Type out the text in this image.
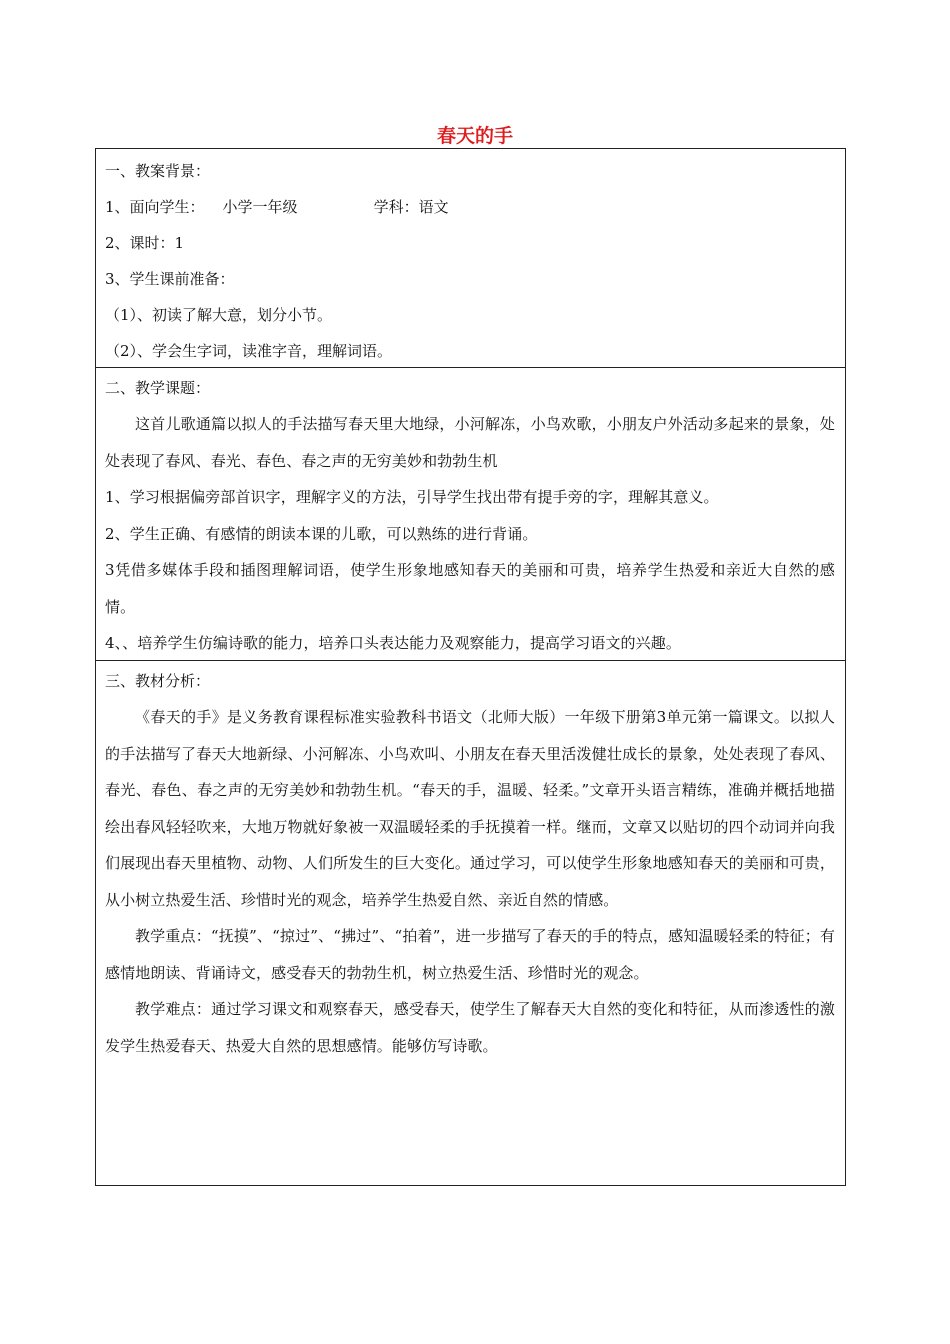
春天的手
一、教案背景：
1、面向学生： 小学一年级	学科：语文
2、课时：1
3、学生课前准备：
（1）、初读了解大意，划分小节。
（2）、学会生字词，读准字音，理解词语。
二、教学课题：
这首儿歌通篇以拟人的手法描写春天里大地绿，小河解冻，小鸟欢歌，小朋友户外活动多起来的景象，处处表现了春风、春光、春色、春之声的无穷美妙和勃勃生机
1、学习根据偏旁部首识字，理解字义的方法，引导学生找出带有提手旁的字，理解其意义。
2、学生正确、有感情的朗读本课的儿歌，可以熟练的进行背诵。
3凭借多媒体手段和插图理解词语，使学生形象地感知春天的美丽和可贵，培养学生热爱和亲近大自然的感情。
4、、培养学生仿编诗歌的能力，培养口头表达能力及观察能力，提高学习语文的兴趣。
三、教材分析：
《春天的手》是义务教育课程标准实验教科书语文（北师大版）一年级下册第3单元第一篇课文。以拟人的手法描写了春天大地新绿、小河解冻、小鸟欢叫、小朋友在春天里活泼健壮成长的景象，处处表现了春风、春光、春色、春之声的无穷美妙和勃勃生机。“春天的手，温暖、轻柔。”文章开头语言精练，准确并概括地描绘出春风轻轻吹来，大地万物就好象被一双温暖轻柔的手抚摸着一样。继而，文章又以贴切的四个动词并向我们展现出春天里植物、动物、人们所发生的巨大变化。通过学习，可以使学生形象地感知春天的美丽和可贵，从小树立热爱生活、珍惜时光的观念，培养学生热爱自然、亲近自然的情感。
教学重点：“抚摸”、“掠过”、“拂过”、“拍着”，进一步描写了春天的手的特点，感知温暖轻柔的特征；有感情地朗读、背诵诗文，感受春天的勃勃生机，树立热爱生活、珍惜时光的观念。
教学难点：通过学习课文和观察春天，感受春天，使学生了解春天大自然的变化和特征，从而渗透性的激发学生热爱春天、热爱大自然的思想感情。能够仿写诗歌。
